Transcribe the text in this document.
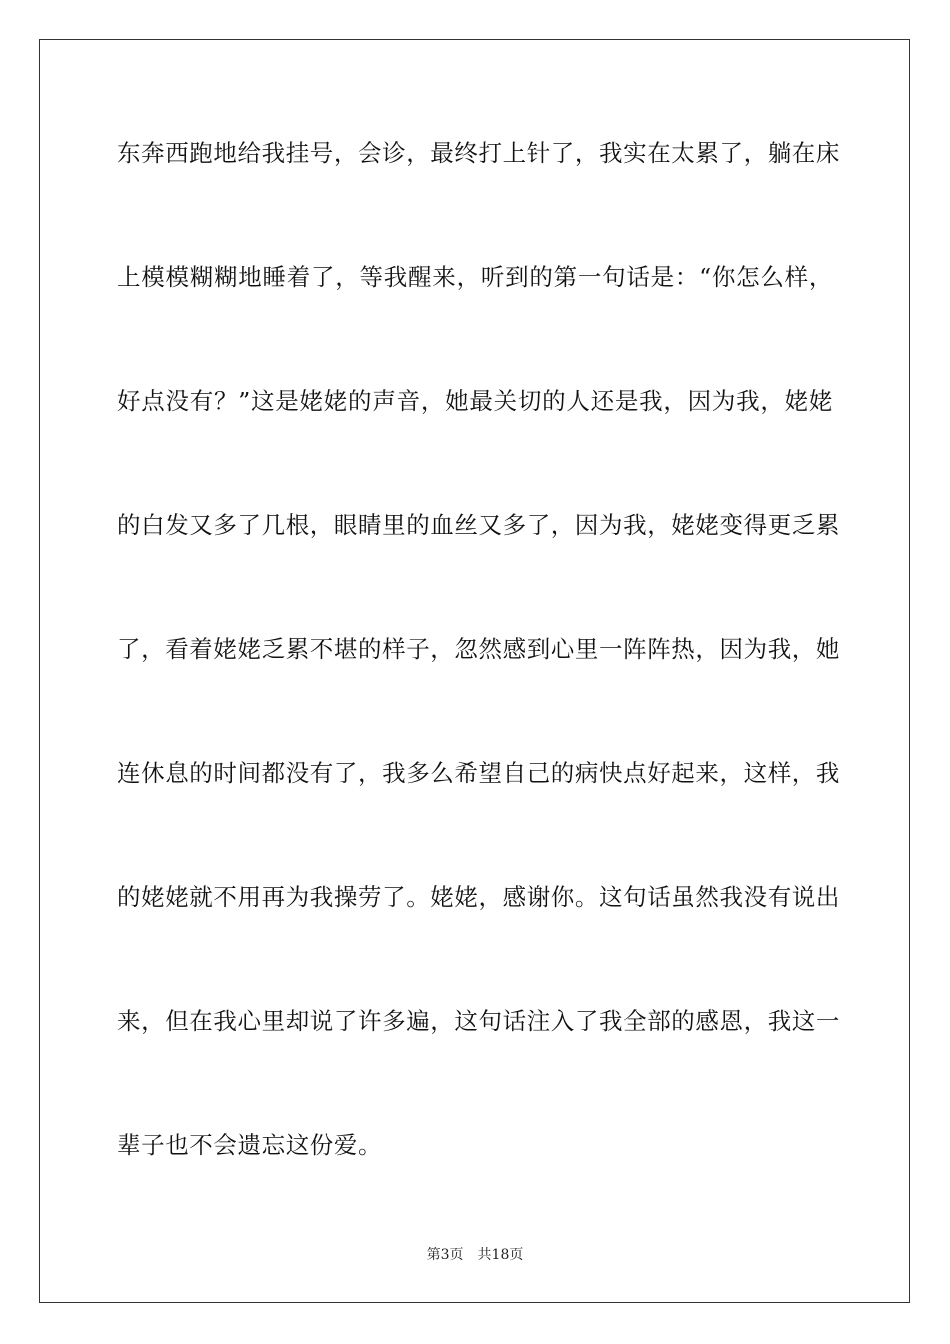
东奔西跑地给我挂号，会诊，最终打上针了，我实在太累了，躺在床
上模模糊糊地睡着了，等我醒来，听到的第一句话是：“你怎么样，
好点没有？”这是姥姥的声音，她最关切的人还是我，因为我，姥姥
的白发又多了几根，眼睛里的血丝又多了，因为我，姥姥变得更乏累
了，看着姥姥乏累不堪的样子，忽然感到心里一阵阵热，因为我，她
连休息的时间都没有了，我多么希望自己的病快点好起来，这样，我
的姥姥就不用再为我操劳了。姥姥，感谢你。这句话虽然我没有说出
来，但在我心里却说了许多遍，这句话注入了我全部的感恩，我这一
辈子也不会遗忘这份爱。
第3页 共18页
